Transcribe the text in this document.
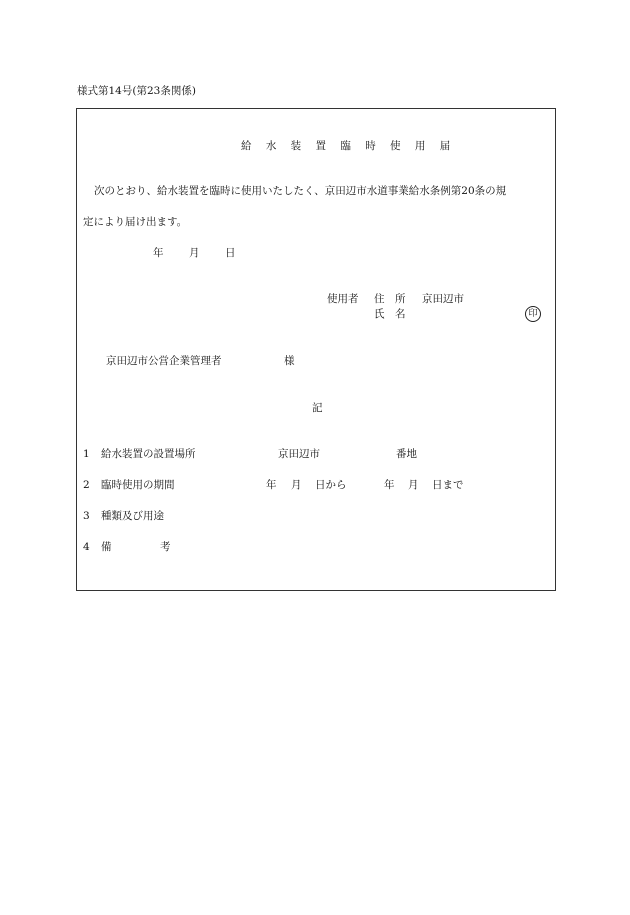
様式第14号(第23条関係)
給 水 装 置 臨 時 使 用 届
次のとおり、給水装置を臨時に使用いたしたく、京田辺市水道事業給水条例第20条の規
定により届け出ます。
年 月 日
使用者 住　所 京田辺市
氏　名	印
京田辺市公営企業管理者	様
記
1 給水装置の設置場所	京田辺市	番地
2 臨時使用の期間	年 月 日から	年 月 日まで
3 種類及び用途
4 備	考
